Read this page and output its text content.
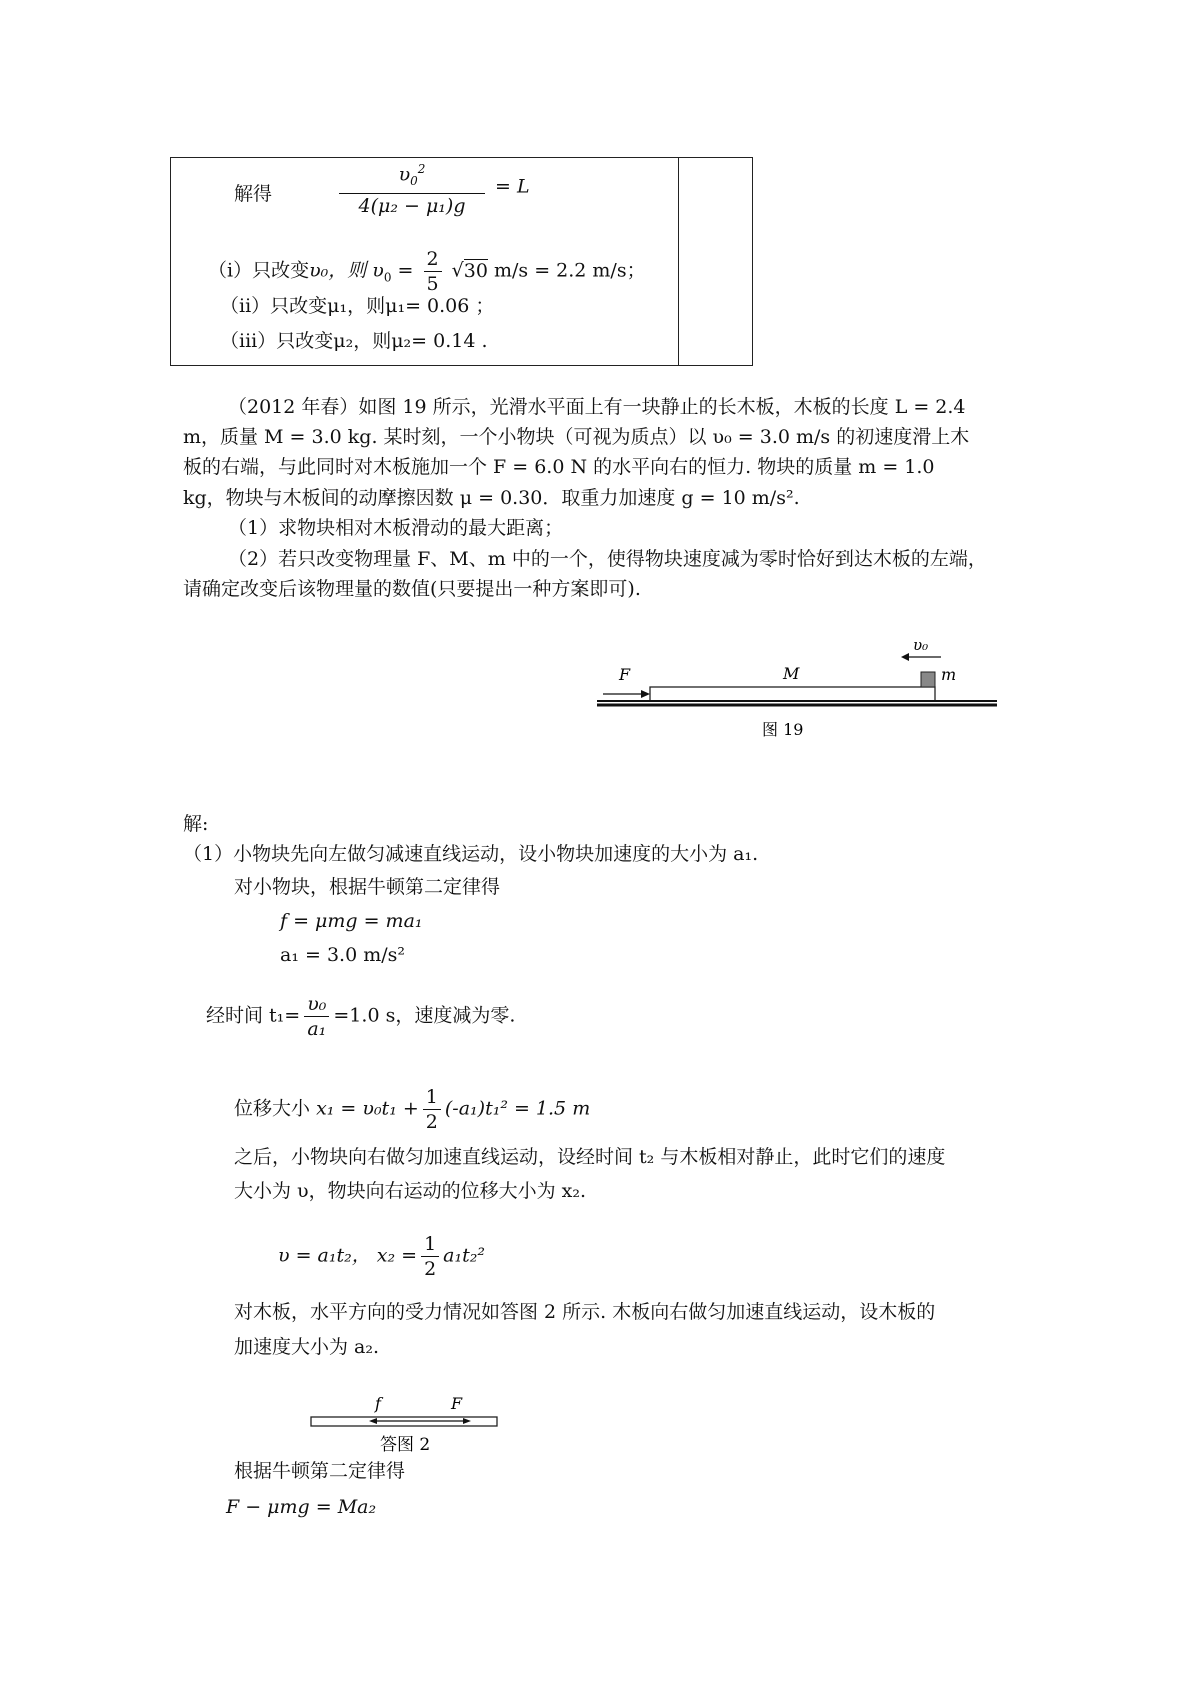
解得	$\frac{\upsilon_0^2}{\text{4(μ₂ − μ₁)g}} = L$
（i）只改变υ₀，则 $\upsilon_0 = \frac{2}{5} √30$ m/s = 2.2 m/s；
（ii）只改变μ₁，则μ₁= 0.06 ；
（iii）只改变μ₂，则μ₂= 0.14 .
（2012 年春）如图 19 所示，光滑水平面上有一块静止的长木板，木板的长度 L = 2.4
m，质量 M = 3.0 kg. 某时刻，一个小物块（可视为质点）以 υ₀ = 3.0 m/s 的初速度滑上木
板的右端，与此同时对木板施加一个 F = 6.0 N 的水平向右的恒力. 物块的质量 m = 1.0
kg，物块与木板间的动摩擦因数 μ = 0.30．取重力加速度 g = 10 m/s².
（1）求物块相对木板滑动的最大距离；
（2）若只改变物理量 F、M、m 中的一个，使得物块速度减为零时恰好到达木板的左端，
请确定改变后该物理量的数值(只要提出一种方案即可).
F	M	m
υ₀
图 19
解:
（1）小物块先向左做匀减速直线运动，设小物块加速度的大小为 a₁.
对小物块，根据牛顿第二定律得
f = μmg = ma₁
a₁ = 3.0 m/s²
经时间 $t_1= \frac{\text{υ₀}}{\text{a₁}} =1.0$ s，速度减为零.
位移大小 $x_1 = \upsilon_0t_1 + \frac{1}{2} (-a_1)t_1^2 = 1.5$ m
之后，小物块向右做匀加速直线运动，设经时间 t₂ 与木板相对静止，此时它们的速度
大小为 υ，物块向右运动的位移大小为 x₂.
υ = a₁t₂， $x_2 = \frac{1}{2} a_1t_2^2$
对木板，水平方向的受力情况如答图 2 所示. 木板向右做匀加速直线运动，设木板的
加速度大小为 a₂.
f	F
答图 2
根据牛顿第二定律得
F − μmg = Ma₂
